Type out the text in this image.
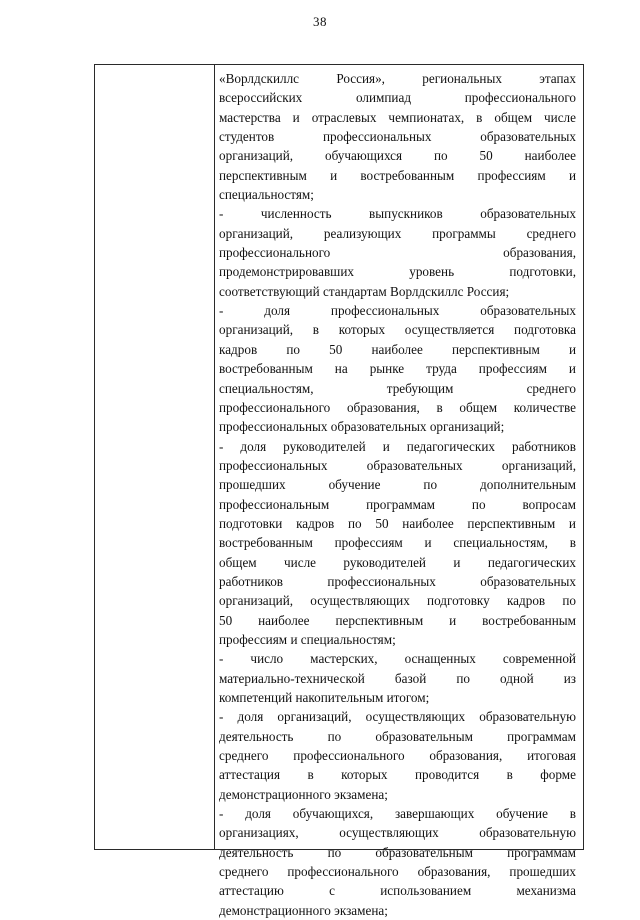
38

«Ворлдскиллс Россия», региональных этапах

всероссийских олимпиад профессионального

мастерства и отраслевых чемпионатах, в общем числе

студентов профессиональных образовательных

организаций, обучающихся по 50 наиболее

перспективным и востребованным профессиям и

специальностям;

- численность выпускников образовательных

организаций, реализующих программы среднего

профессионального образования,

продемонстрировавших уровень подготовки,

соответствующий стандартам Ворлдскиллс Россия;

- доля профессиональных образовательных

организаций, в которых осуществляется подготовка

кадров по 50 наиболее перспективным и

востребованным на рынке труда профессиям и

специальностям, требующим среднего

профессионального образования, в общем количестве

профессиональных образовательных организаций;

- доля руководителей и педагогических работников

профессиональных образовательных организаций,

прошедших обучение по дополнительным

профессиональным программам по вопросам

подготовки кадров по 50 наиболее перспективным и

востребованным профессиям и специальностям, в

общем числе руководителей и педагогических

работников профессиональных образовательных

организаций, осуществляющих подготовку кадров по

50 наиболее перспективным и востребованным

профессиям и специальностям;

- число мастерских, оснащенных современной

материально-технической базой по одной из

компетенций накопительным итогом;

- доля организаций, осуществляющих образовательную

деятельность по образовательным программам

среднего профессионального образования, итоговая

аттестация в которых проводится в форме

демонстрационного экзамена;

- доля обучающихся, завершающих обучение в

организациях, осуществляющих образовательную

деятельность по образовательным программам

среднего профессионального образования, прошедших

аттестацию с использованием механизма

демонстрационного экзамена;
